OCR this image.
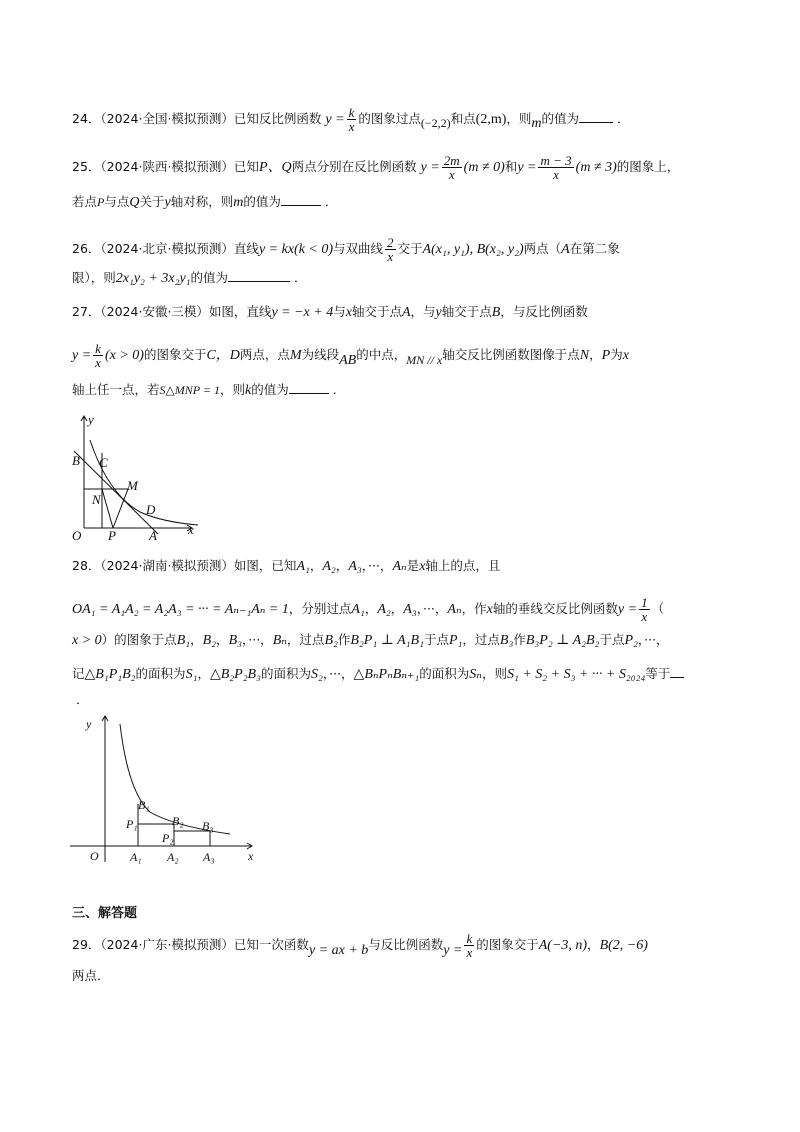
24．（2024·全国·模拟预测）已知反比例函数 $y = \frac{k}{x}$ 的图象过点(−2,2)和点(2,m)，则m的值为	．
25．（2024·陕西·模拟预测）已知P、Q两点分别在反比例函数 $y = \frac{2m}{x} (m \ne 0)$和$y = \frac{m - 3}{x} (m \ne 3)$的图象上，
若点P与点Q关于y轴对称，则m的值为	．
26．（2024·北京·模拟预测）直线y = kx(k < 0)与双曲线 $\frac{2}{x}$ 交于A(x₁, y₁), B(x₂, y₂)两点（A在第二象
限），则2x₁y₂ + 3x₂y₁的值为	．
27．（2024·安徽·三模）如图，直线y = −x + 4与x轴交于点A，与y轴交于点B，与反比例函数
$y = \frac{k}{x} (x > 0)$的图象交于C，D两点，点M为线段AB的中点，MN // x轴交反比例函数图像于点N，P为x
轴上任一点，若S△MNP = 1，则k的值为	．
y
x
O
B C
M
N
D
P	A
28．（2024·湖南·模拟预测）如图，已知A₁，A₂，A₃，···，Aₙ是x轴上的点，且
OA₁ = A₁A₂ = A₂A₃ = ··· = Aₙ₋₁Aₙ = 1，分别过点A₁，A₂，A₃，···，Aₙ，作x轴的垂线交反比例函数$y = \frac{1}{x}$ （
x > 0）的图象于点B₁，B₂，B₃，···，Bₙ，过点B₂作B₂P₁ ⊥ A₁B₁于点P₁，过点B₃作B₃P₂ ⊥ A₂B₂于点P₂，···，
记△B₁P₁B₂的面积为S₁，△B₂P₂B₃的面积为S₂，···，△BₙPₙBₙ₊₁的面积为Sₙ，则S₁ + S₂ + S₃ + ··· + S₂₀₂₄等于
．
y
x
O
B₁
B₂ B₃
P₁
P₂
A₁ A₂ A₃
三、解答题
29．（2024·广东·模拟预测）已知一次函数y = ax + b与反比例函数$y = \frac{k}{x}$ 的图象交于A(−3, n)，B(2, −6)
两点．
